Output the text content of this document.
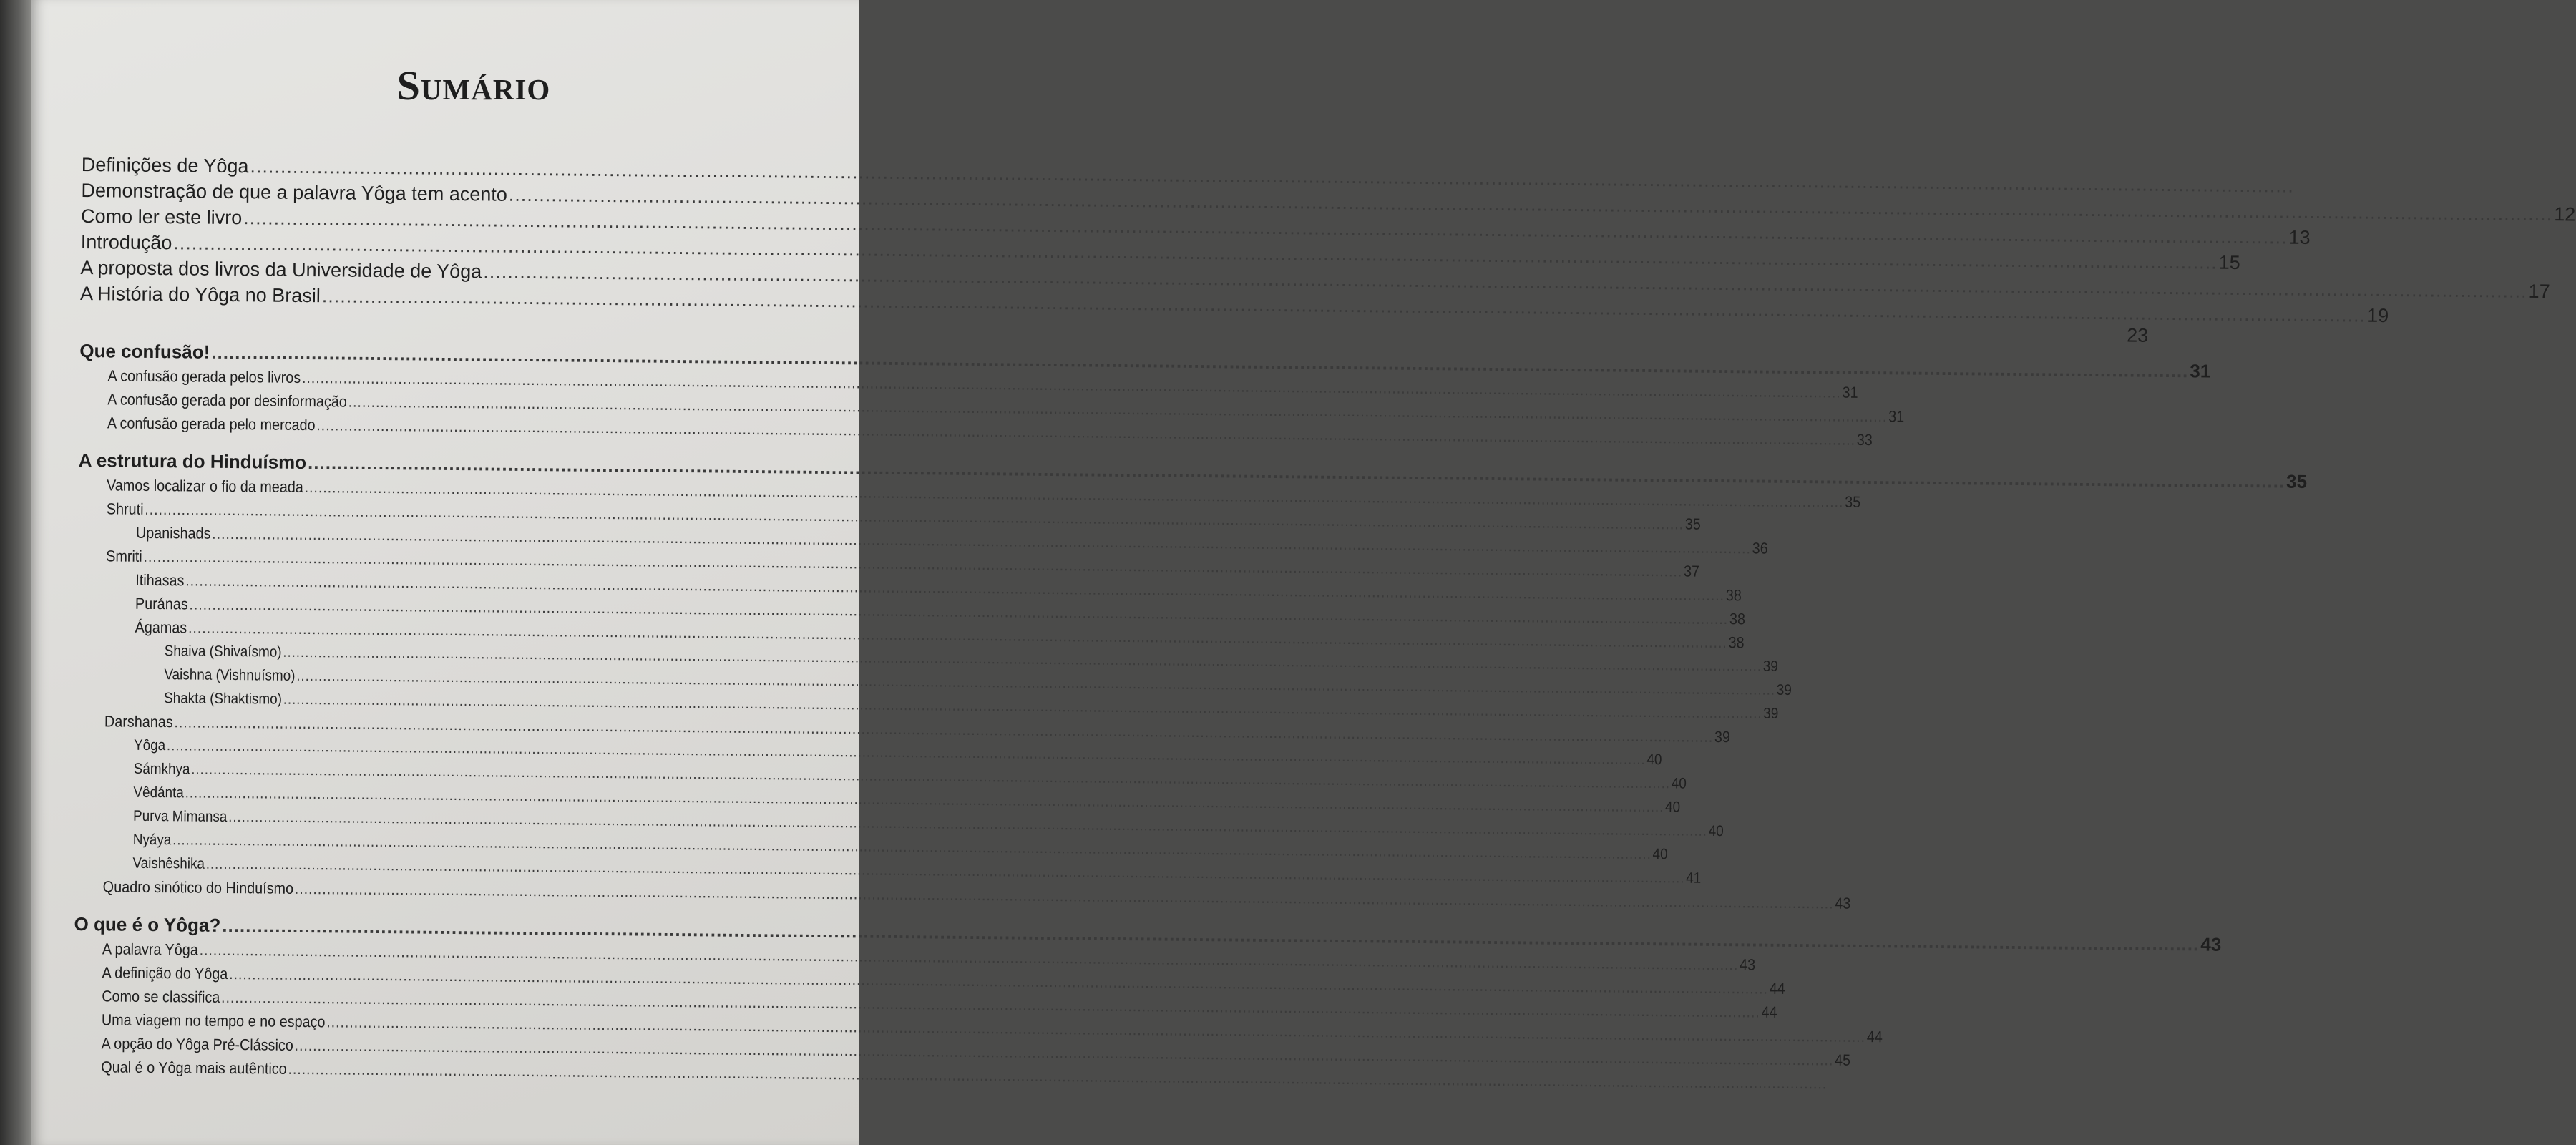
Sumário
Definições de Yôga
.....
Demonstração de que a palavra Yôga tem acento
.....
12
Como ler este livro
.....
13
Introdução
.....
15
A proposta dos livros da Universidade de Yôga
.....
17
A História do Yôga no Brasil
.....
19
23
Que confusão!
.....
31
A confusão gerada pelos livros
.....
31
A confusão gerada por desinformação
.....
31
A confusão gerada pelo mercado
.....
33
A estrutura do Hinduísmo
.....
35
Vamos localizar o fio da meada
.....
35
Shruti
.....
35
Upanishads
.....
36
Smriti
.....
37
Itihasas
.....
38
Puránas
.....
38
Ágamas
.....
38
Shaiva (Shivaísmo)
.....
39
Vaishna (Vishnuísmo)
.....
39
Shakta (Shaktismo)
.....
39
Darshanas
.....
39
Yôga
.....
40
Sámkhya
.....
40
Vêdánta
.....
40
Purva Mimansa
.....
40
Nyáya
.....
40
Vaishêshika
.....
41
Quadro sinótico do Hinduísmo
.....
43
O que é o Yôga?
.....
43
A palavra Yôga
.....
43
A definição do Yôga
.....
44
Como se classifica
.....
44
Uma viagem no tempo e no espaço
.....
44
A opção do Yôga Pré-Clássico
.....
45
Qual é o Yôga mais autêntico
.....
